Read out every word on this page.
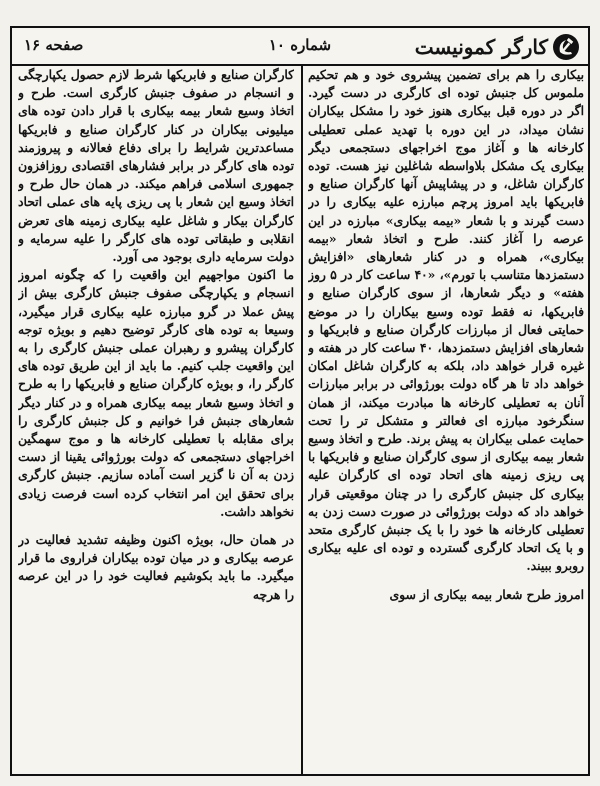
صفحه ۱۶	شماره ۱۰	کارگر کمونیست

بیکاری را هم برای تضمین پیشروی خود و هم تحکیم ملموس کل جنبش توده ای کارگری در دست گیرد. اگر در دوره قبل بیکاری هنوز خود را مشکل بیکاران نشان میداد، در این دوره با تهدید عملی تعطیلی کارخانه ها و آغاز موج اخراجهای دستجمعی دیگر بیکاری یک مشکل بلاواسطه شاغلین نیز هست. توده کارگران شاغل، و در پیشاپیش آنها کارگران صنایع و فابریکها باید امروز پرچم مبارزه علیه بیکاری را در دست گیرند و با شعار «بیمه بیکاری» مبارزه در این عرصه را آغاز کنند. طرح و اتخاذ شعار «بیمه بیکاری»، همراه و در کنار شعارهای «افزایش دستمزدها متناسب با تورم»، «۴۰ ساعت کار در ۵ روز هفته» و دیگر شعارها، از سوی کارگران صنایع و فابریکها، نه فقط توده وسیع بیکاران را در موضع حمایتی فعال از مبارزات کارگران صنایع و فابریکها و شعارهای افزایش دستمزدها، ۴۰ ساعت کار در هفته و غیره قرار خواهد داد، بلکه به کارگران شاغل امکان خواهد داد تا هر گاه دولت بورژوائی در برابر مبارزات آنان به تعطیلی کارخانه ها مبادرت میکند، از همان سنگرخود مبارزه ای فعالتر و متشکل تر را تحت حمایت عملی بیکاران به پیش برند. طرح و اتخاذ وسیع شعار بیمه بیکاری از سوی کارگران صنایع و فابریکها با پی ریزی زمینه های اتحاد توده ای کارگران علیه بیکاری کل جنبش کارگری را در چنان موقعیتی قرار خواهد داد که دولت بورژوائی در صورت دست زدن به تعطیلی کارخانه ها خود را با یک جنبش کارگری متحد و با یک اتحاد کارگری گسترده و توده ای علیه بیکاری روبرو ببیند.

امروز طرح شعار بیمه بیکاری از سوی

کارگران صنایع و فابریکها شرط لازم حصول یکپارچگی و انسجام در صفوف جنبش کارگری است. طرح و اتخاذ وسیع شعار بیمه بیکاری با قرار دادن توده های میلیونی بیکاران در کنار کارگران صنایع و فابریکها مساعدترین شرایط را برای دفاع فعالانه و پیروزمند توده های کارگر در برابر فشارهای اقتصادی روزافزون جمهوری اسلامی فراهم میکند. در همان حال طرح و اتخاذ وسیع این شعار با پی ریزی پایه های عملی اتحاد کارگران بیکار و شاغل علیه بیکاری زمینه های تعرض انقلابی و طبقاتی توده های کارگر را علیه سرمایه و دولت سرمایه داری بوجود می آورد.

ما اکنون مواجهیم این واقعیت را که چگونه امروز انسجام و یکپارچگی صفوف جنبش کارگری بیش از پیش عملا در گرو مبارزه علیه بیکاری قرار میگیرد، وسیعا به توده های کارگر توضیح دهیم و بویژه توجه کارگران پیشرو و رهبران عملی جنبش کارگری را به این واقعیت جلب کنیم. ما باید از این طریق توده های کارگر را، و بویژه کارگران صنایع و فابریکها را به طرح و اتخاذ وسیع شعار بیمه بیکاری همراه و در کنار دیگر شعارهای جنبش فرا خوانیم و کل جنبش کارگری را برای مقابله با تعطیلی کارخانه ها و موج سهمگین اخراجهای دستجمعی که دولت بورژوائی یقینا از دست زدن به آن نا گزیر است آماده سازیم. جنبش کارگری برای تحقق این امر انتخاب کرده است فرصت زیادی نخواهد داشت.

در همان حال، بویژه اکنون وظیفه تشدید فعالیت در عرصه بیکاری و در میان توده بیکاران فراروی ما قرار میگیرد. ما باید بکوشیم فعالیت خود را در این عرصه را هرچه
